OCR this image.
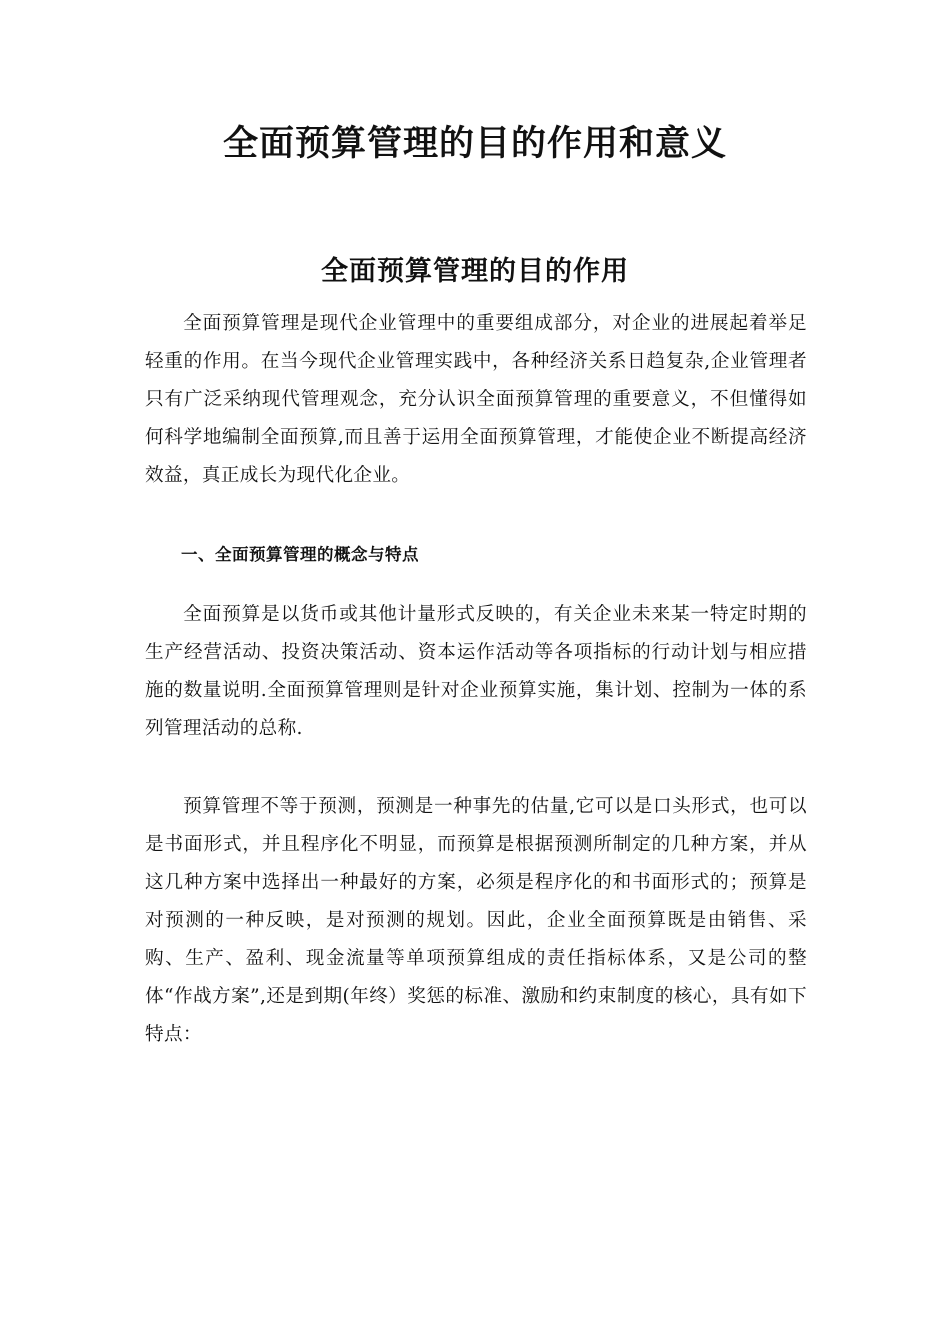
全面预算管理的目的作用和意义
全面预算管理的目的作用

全面预算管理是现代企业管理中的重要组成部分，对企业的进展起着举足轻重的作用。在当今现代企业管理实践中，各种经济关系日趋复杂,企业管理者只有广泛采纳现代管理观念，充分认识全面预算管理的重要意义，不但懂得如何科学地编制全面预算,而且善于运用全面预算管理，才能使企业不断提高经济效益，真正成长为现代化企业。

一、全面预算管理的概念与特点

全面预算是以货币或其他计量形式反映的，有关企业未来某一特定时期的生产经营活动、投资决策活动、资本运作活动等各项指标的行动计划与相应措施的数量说明.全面预算管理则是针对企业预算实施，集计划、控制为一体的系列管理活动的总称.

预算管理不等于预测，预测是一种事先的估量,它可以是口头形式，也可以是书面形式，并且程序化不明显，而预算是根据预测所制定的几种方案，并从这几种方案中选择出一种最好的方案，必须是程序化的和书面形式的；预算是对预测的一种反映，是对预测的规划。因此，企业全面预算既是由销售、采购、生产、盈利、现金流量等单项预算组成的责任指标体系，又是公司的整体“作战方案”,还是到期(年终）奖惩的标准、激励和约束制度的核心，具有如下特点：
